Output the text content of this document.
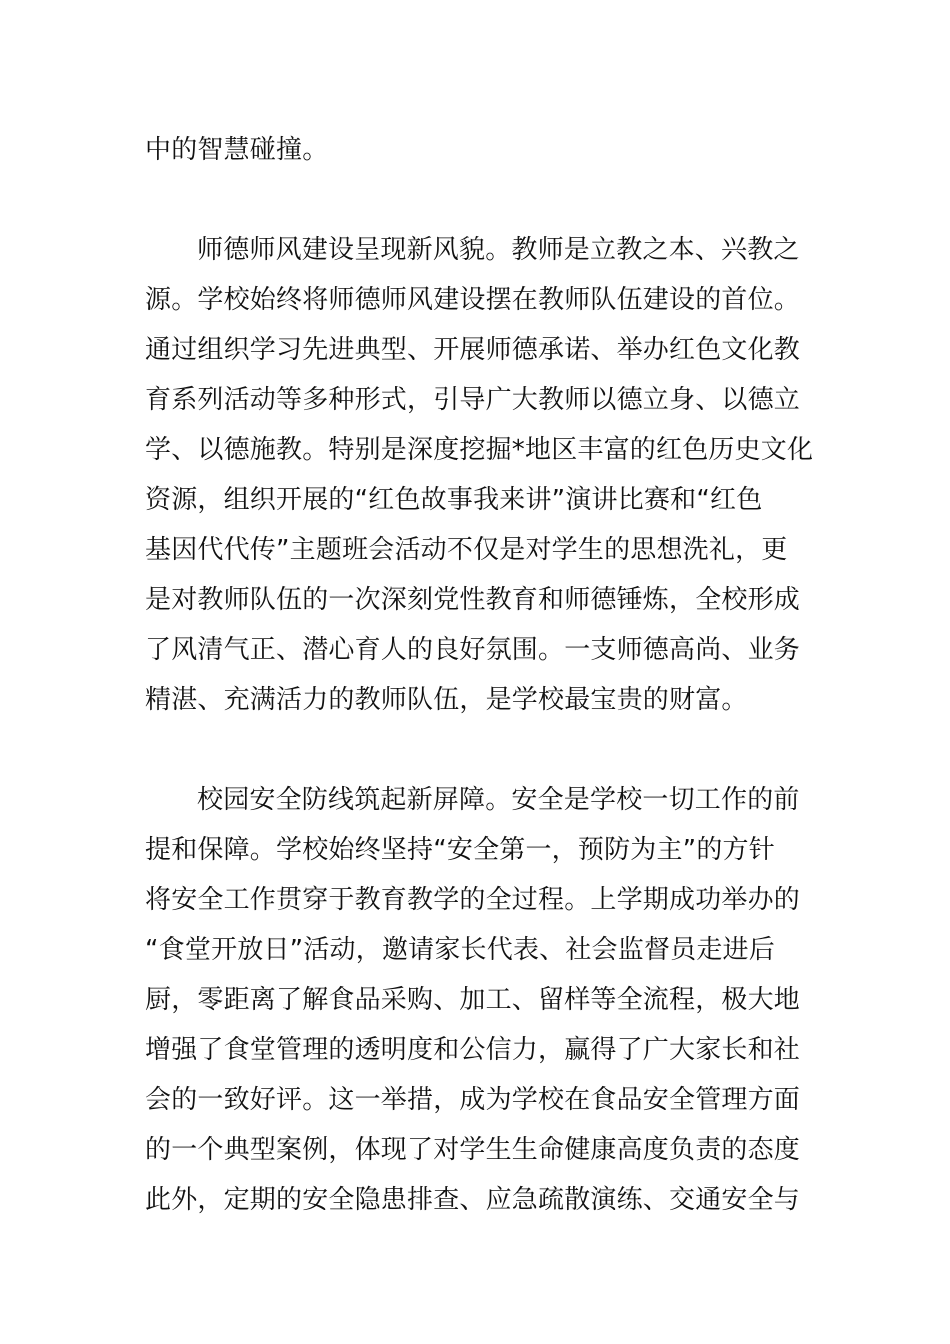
中的智慧碰撞。
师德师风建设呈现新风貌。教师是立教之本、兴教之
源。学校始终将师德师风建设摆在教师队伍建设的首位。
通过组织学习先进典型、开展师德承诺、举办红色文化教
育系列活动等多种形式，引导广大教师以德立身、以德立
学、以德施教。特别是深度挖掘*地区丰富的红色历史文化
资源，组织开展的“红色故事我来讲”演讲比赛和“红色
基因代代传”主题班会活动不仅是对学生的思想洗礼，更
是对教师队伍的一次深刻党性教育和师德锤炼，全校形成
了风清气正、潜心育人的良好氛围。一支师德高尚、业务
精湛、充满活力的教师队伍，是学校最宝贵的财富。
校园安全防线筑起新屏障。安全是学校一切工作的前
提和保障。学校始终坚持“安全第一，预防为主”的方针
将安全工作贯穿于教育教学的全过程。上学期成功举办的
“食堂开放日”活动，邀请家长代表、社会监督员走进后
厨，零距离了解食品采购、加工、留样等全流程，极大地
增强了食堂管理的透明度和公信力，赢得了广大家长和社
会的一致好评。这一举措，成为学校在食品安全管理方面
的一个典型案例，体现了对学生生命健康高度负责的态度
此外，定期的安全隐患排查、应急疏散演练、交通安全与
